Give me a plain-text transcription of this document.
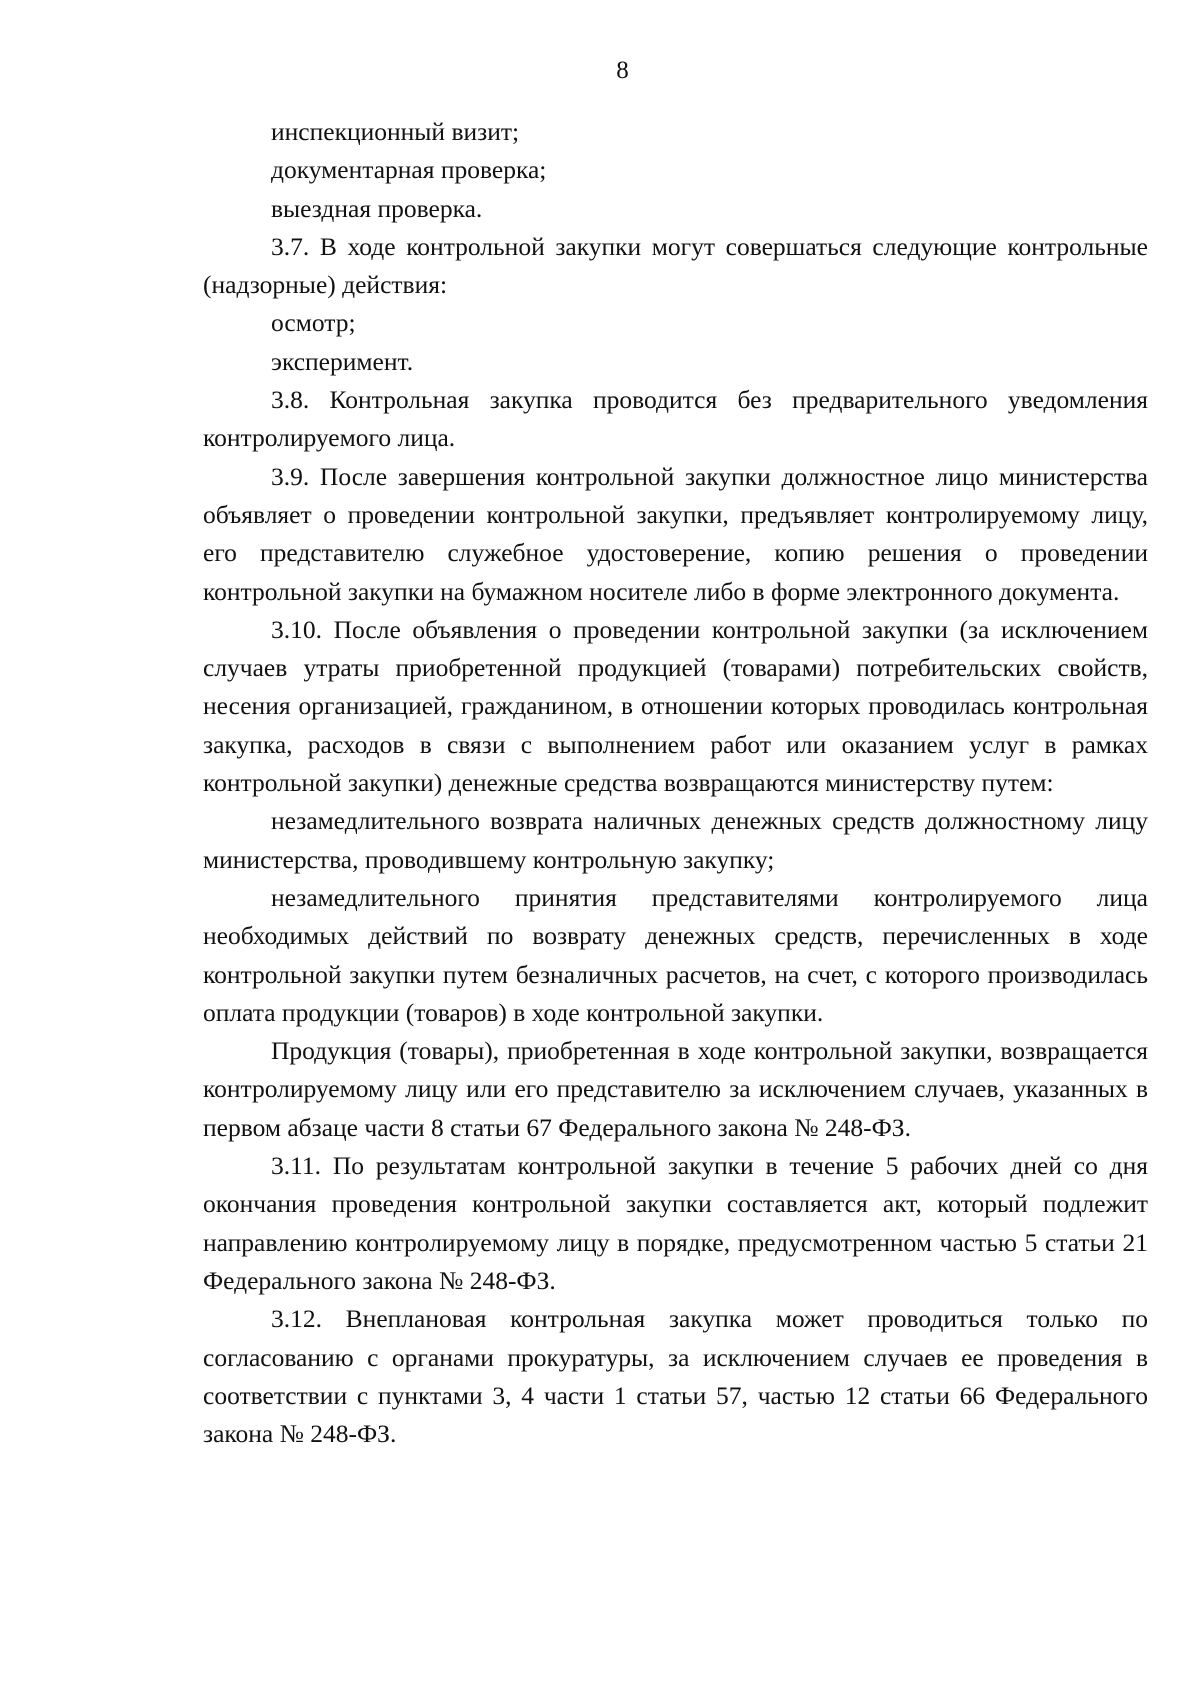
8

инспекционный визит;

документарная проверка;

выездная проверка.

3.7. В ходе контрольной закупки могут совершаться следующие контрольные (надзорные) действия:

осмотр;

эксперимент.

3.8. Контрольная закупка проводится без предварительного уведомления контролируемого лица.

3.9. После завершения контрольной закупки должностное лицо министерства объявляет о проведении контрольной закупки, предъявляет контролируемому лицу, его представителю служебное удостоверение, копию решения о проведении контрольной закупки на бумажном носителе либо в форме электронного документа.

3.10. После объявления о проведении контрольной закупки (за исключением случаев утраты приобретенной продукцией (товарами) потребительских свойств, несения организацией, гражданином, в отношении которых проводилась контрольная закупка, расходов в связи с выполнением работ или оказанием услуг в рамках контрольной закупки) денежные средства возвращаются министерству путем:

незамедлительного возврата наличных денежных средств должностному лицу министерства, проводившему контрольную закупку;

незамедлительного принятия представителями контролируемого лица необходимых действий по возврату денежных средств, перечисленных в ходе контрольной закупки путем безналичных расчетов, на счет, с которого производилась оплата продукции (товаров) в ходе контрольной закупки.

Продукция (товары), приобретенная в ходе контрольной закупки, возвращается контролируемому лицу или его представителю за исключением случаев, указанных в первом абзаце части 8 статьи 67 Федерального закона № 248-ФЗ.

3.11. По результатам контрольной закупки в течение 5 рабочих дней со дня окончания проведения контрольной закупки составляется акт, который подлежит направлению контролируемому лицу в порядке, предусмотренном частью 5 статьи 21 Федерального закона № 248-ФЗ.

3.12. Внеплановая контрольная закупка может проводиться только по согласованию с органами прокуратуры, за исключением случаев ее проведения в соответствии с пунктами 3, 4 части 1 статьи 57, частью 12 статьи 66 Федерального закона № 248-ФЗ.
